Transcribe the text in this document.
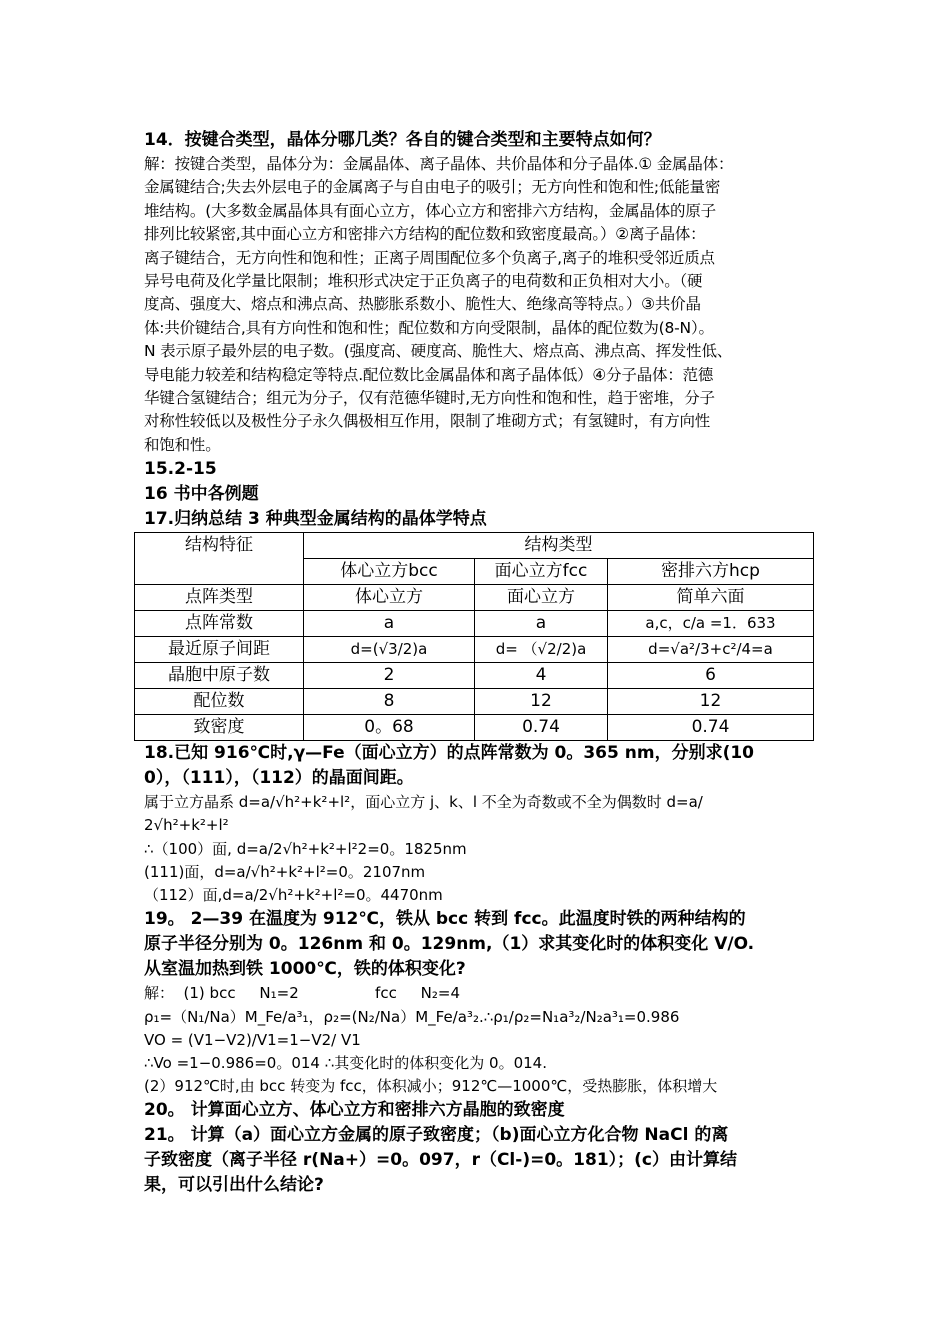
14．按键合类型，晶体分哪几类？各自的键合类型和主要特点如何？

解：按键合类型，晶体分为：金属晶体、离子晶体、共价晶体和分子晶体.① 金属晶体：

金属键结合;失去外层电子的金属离子与自由电子的吸引；无方向性和饱和性;低能量密

堆结构。(大多数金属晶体具有面心立方，体心立方和密排六方结构，金属晶体的原子

排列比较紧密,其中面心立方和密排六方结构的配位数和致密度最高。）②离子晶体：

离子键结合，无方向性和饱和性；正离子周围配位多个负离子,离子的堆积受邻近质点

异号电荷及化学量比限制；堆积形式决定于正负离子的电荷数和正负相对大小。（硬

度高、强度大、熔点和沸点高、热膨胀系数小、脆性大、绝缘高等特点。）③共价晶

体:共价键结合,具有方向性和饱和性；配位数和方向受限制，晶体的配位数为(8-N）。

N 表示原子最外层的电子数。(强度高、硬度高、脆性大、熔点高、沸点高、挥发性低、

导电能力较差和结构稳定等特点.配位数比金属晶体和离子晶体低）④分子晶体：范德

华键合氢键结合；组元为分子，仅有范德华键时,无方向性和饱和性，趋于密堆，分子

对称性较低以及极性分子永久偶极相互作用，限制了堆砌方式；有氢键时，有方向性

和饱和性。

15.2-15

16 书中各例题

17.归纳总结 3 种典型金属结构的晶体学特点

结构特征	结构类型		
	体心立方bcc	面心立方fcc	密排六方hcp
点阵类型	体心立方	面心立方	简单六面
点阵常数	a	a	a,c，c/a =1．633
最近原子间距	d=(√3/2)a	d= （√2/2)a	d=√a²/3+c²/4=a
晶胞中原子数	2	4	6
配位数	8	12	12
致密度	0。68	0.74	0.74

18.已知 916℃时,γ—Fe（面心立方）的点阵常数为 0。365 nm，分别求(10

0），（111），（112）的晶面间距。

属于立方晶系 d=a/√h²+k²+l²，面心立方 j、k、l 不全为奇数或不全为偶数时 d=a/

2√h²+k²+l²

∴（100）面, d=a/2√h²+k²+l²2=0。1825nm

(111)面，d=a/√h²+k²+l²=0。2107nm

（112）面,d=a/2√h²+k²+l²=0。4470nm

19。 2—39 在温度为 912℃，铁从 bcc 转到 fcc。此温度时铁的两种结构的

原子半径分别为 0。126nm 和 0。129nm,（1）求其变化时的体积变化 V/O.

从室温加热到铁 1000℃，铁的体积变化?

解：  (1) bcc     N₁=2                fcc     N₂=4

ρ₁=（N₁/Na）M_Fe/a³₁，ρ₂=(N₂/Na）M_Fe/a³₂.∴ρ₁/ρ₂=N₁a³₂/N₂a³₁=0.986

VO = (V1−V2)/V1=1−V2/ V1

∴Vo =1−0.986=0。014 ∴其变化时的体积变化为 0。014.

(2）912℃时,由 bcc 转变为 fcc，体积减小；912℃—1000℃，受热膨胀，体积增大

20。 计算面心立方、体心立方和密排六方晶胞的致密度

21。 计算（a）面心立方金属的原子致密度；（b)面心立方化合物 NaCl 的离

子致密度（离子半径 r(Na+）=0。097，r（Cl-)=0。181）；(c）由计算结

果，可以引出什么结论?
